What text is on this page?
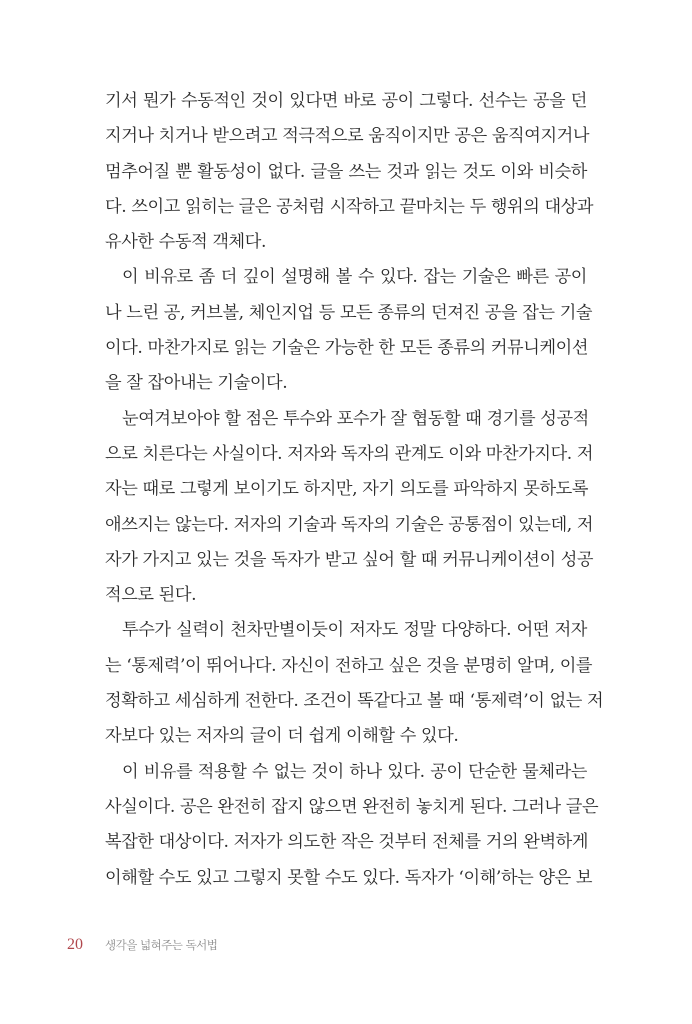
기서 뭔가 수동적인 것이 있다면 바로 공이 그렇다. 선수는 공을 던
지거나 치거나 받으려고 적극적으로 움직이지만 공은 움직여지거나
멈추어질 뿐 활동성이 없다. 글을 쓰는 것과 읽는 것도 이와 비슷하
다. 쓰이고 읽히는 글은 공처럼 시작하고 끝마치는 두 행위의 대상과
유사한 수동적 객체다.

이 비유로 좀 더 깊이 설명해 볼 수 있다. 잡는 기술은 빠른 공이
나 느린 공, 커브볼, 체인지업 등 모든 종류의 던져진 공을 잡는 기술
이다. 마찬가지로 읽는 기술은 가능한 한 모든 종류의 커뮤니케이션
을 잘 잡아내는 기술이다.

눈여겨보아야 할 점은 투수와 포수가 잘 협동할 때 경기를 성공적
으로 치른다는 사실이다. 저자와 독자의 관계도 이와 마찬가지다. 저
자는 때로 그렇게 보이기도 하지만, 자기 의도를 파악하지 못하도록
애쓰지는 않는다. 저자의 기술과 독자의 기술은 공통점이 있는데, 저
자가 가지고 있는 것을 독자가 받고 싶어 할 때 커뮤니케이션이 성공
적으로 된다.

투수가 실력이 천차만별이듯이 저자도 정말 다양하다. 어떤 저자
는 ‘통제력’이 뛰어나다. 자신이 전하고 싶은 것을 분명히 알며, 이를
정확하고 세심하게 전한다. 조건이 똑같다고 볼 때 ‘통제력’이 없는 저
자보다 있는 저자의 글이 더 쉽게 이해할 수 있다.

이 비유를 적용할 수 없는 것이 하나 있다. 공이 단순한 물체라는
사실이다. 공은 완전히 잡지 않으면 완전히 놓치게 된다. 그러나 글은
복잡한 대상이다. 저자가 의도한 작은 것부터 전체를 거의 완벽하게
이해할 수도 있고 그렇지 못할 수도 있다. 독자가 ‘이해’하는 양은 보

20	생각을 넓혀주는 독서법
